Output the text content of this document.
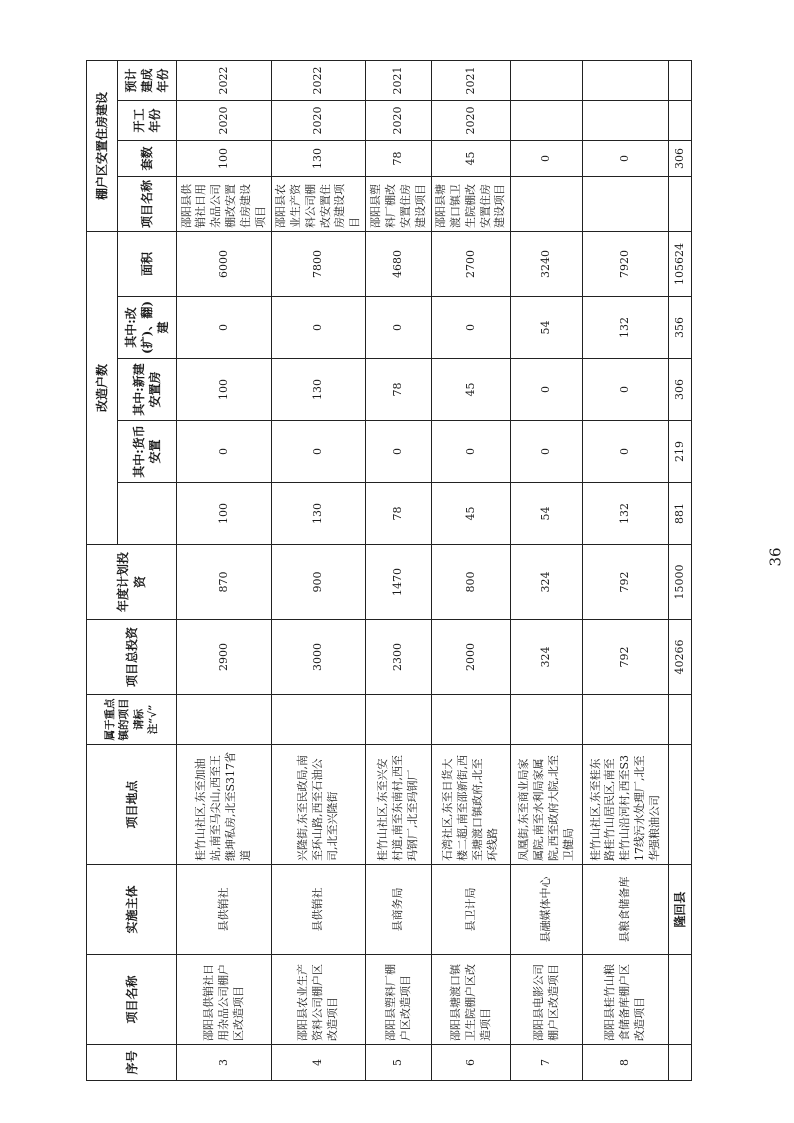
序号	项目名称	实施主体	项目地点	属于重点镇的项目请标注“√”	项目总投资	年度计划投资	改造户数					棚户区安置住房建设			
								其中:货币安置	其中:新建安置房	其中:改(扩)、翻)建	面积	项目名称	套数	开工年份	预计建成年份

3	邵阳县供销社日用杂品公司棚户区改造项目	县供销社	桂竹山社区,东至加油站,南至马尖山,西至王继坤私房,北至S317省道		2900	870	100	0	100	0	6000	邵阳县供销社日用杂品公司棚改安置住房建设项目	100	2020	2022
4	邵阳县农业生产资料公司棚户区改造项目	县供销社	兴隆街,东至民政局,南至环山路,西至石油公司,北至兴隆街		3000	900	130	0	130	0	7800	邵阳县农业生产资料公司棚改安置住房建设项目	130	2020	2022
5	邵阳县塑料厂棚户区改造项目	县商务局	桂竹山社区,东至兴安村道,南至东南村,西至玛钢厂,北至玛钢厂		2300	1470	78	0	78	0	4680	邵阳县塑料厂棚改安置住房建设项目	78	2020	2021
6	邵阳县塘渡口镇卫生院棚户区改造项目	县卫计局	石湾社区,东至日货大楼二超,南至邵新街,西至塘渡口镇政府,北至环线路		2000	800	45	0	45	0	2700	邵阳县塘渡口镇卫生院棚改安置住房建设项目	45	2020	2021
7	邵阳县电影公司棚户区改造项目	县融媒体中心	凤凰街,东至商业局家属院,南至水利局家属院,西至政府大院,北至卫健局		324	324	54	0	0	54	3240		0		
8	邵阳县桂竹山粮食储备库棚户区改造项目	县粮食储备库	桂竹山社区,东至桂东路桂竹山居民区,南至桂竹山沿河村,西至S317线污水处理厂,北至华强粮油公司		792	792	132	0	0	132	7920		0		
		隆回县			40266	15000	881	219	306	356	105624		306		
36
